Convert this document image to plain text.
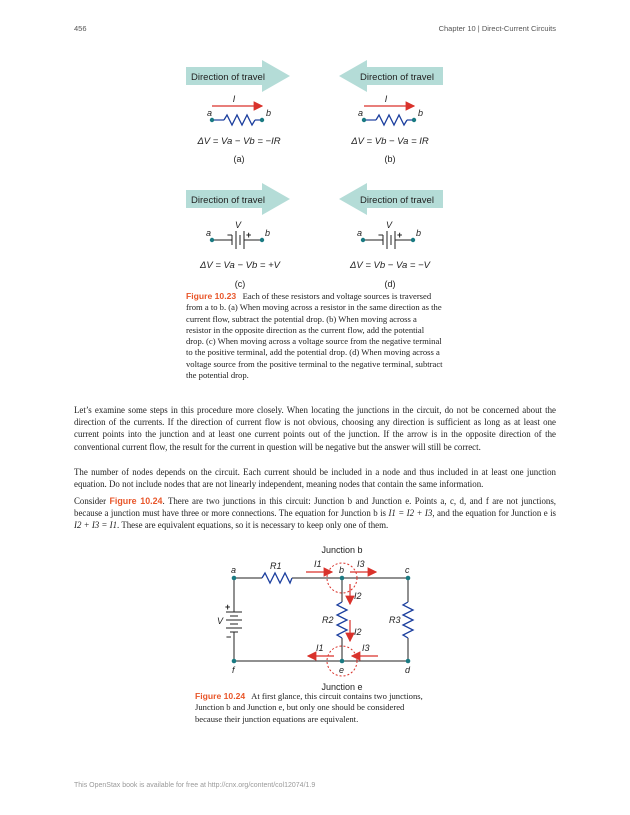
456	Chapter 10 | Direct-Current Circuits
Direction of travel
I
a	b
ΔV = Va − Vb = −IR
(a)
Direction of travel
I
a	b
ΔV = Vb − Va = IR
(b)
Direction of travel
V
a	b
− +
ΔV = Va − Vb = +V
(c)
Direction of travel
V
a	b
− +
ΔV = Vb − Va = −V
(d)
Figure 10.23 Each of these resistors and voltage sources is traversed from a to b. (a) When moving across a resistor in the same direction as the current flow, subtract the potential drop. (b) When moving across a resistor in the opposite direction as the current flow, add the potential drop. (c) When moving across a voltage source from the negative terminal to the positive terminal, add the potential drop. (d) When moving across a voltage source from the positive terminal to the negative terminal, subtract the potential drop.
Let’s examine some steps in this procedure more closely. When locating the junctions in the circuit, do not be concerned about the direction of the currents. If the direction of current flow is not obvious, choosing any direction is sufficient as long as at least one current points into the junction and at least one current points out of the junction. If the arrow is in the opposite direction of the conventional current flow, the result for the current in question will be negative but the answer will still be correct.
The number of nodes depends on the circuit. Each current should be included in a node and thus included in at least one junction equation. Do not include nodes that are not linearly independent, meaning nodes that contain the same information.
Consider Figure 10.24. There are two junctions in this circuit: Junction b and Junction e. Points a, c, d, and f are not junctions, because a junction must have three or more connections. The equation for Junction b is I1 = I2 + I3, and the equation for Junction e is I2 + I3 = I1. These are equivalent equations, so it is necessary to keep only one of them.
Junction b
Junction e
R1
R2	R3
+
−
V
a	b	c
f	e	d
I1	I3
I2
I2
I1	I3
Figure 10.24 At first glance, this circuit contains two junctions, Junction b and Junction e, but only one should be considered because their junction equations are equivalent.
This OpenStax book is available for free at http://cnx.org/content/col12074/1.9
